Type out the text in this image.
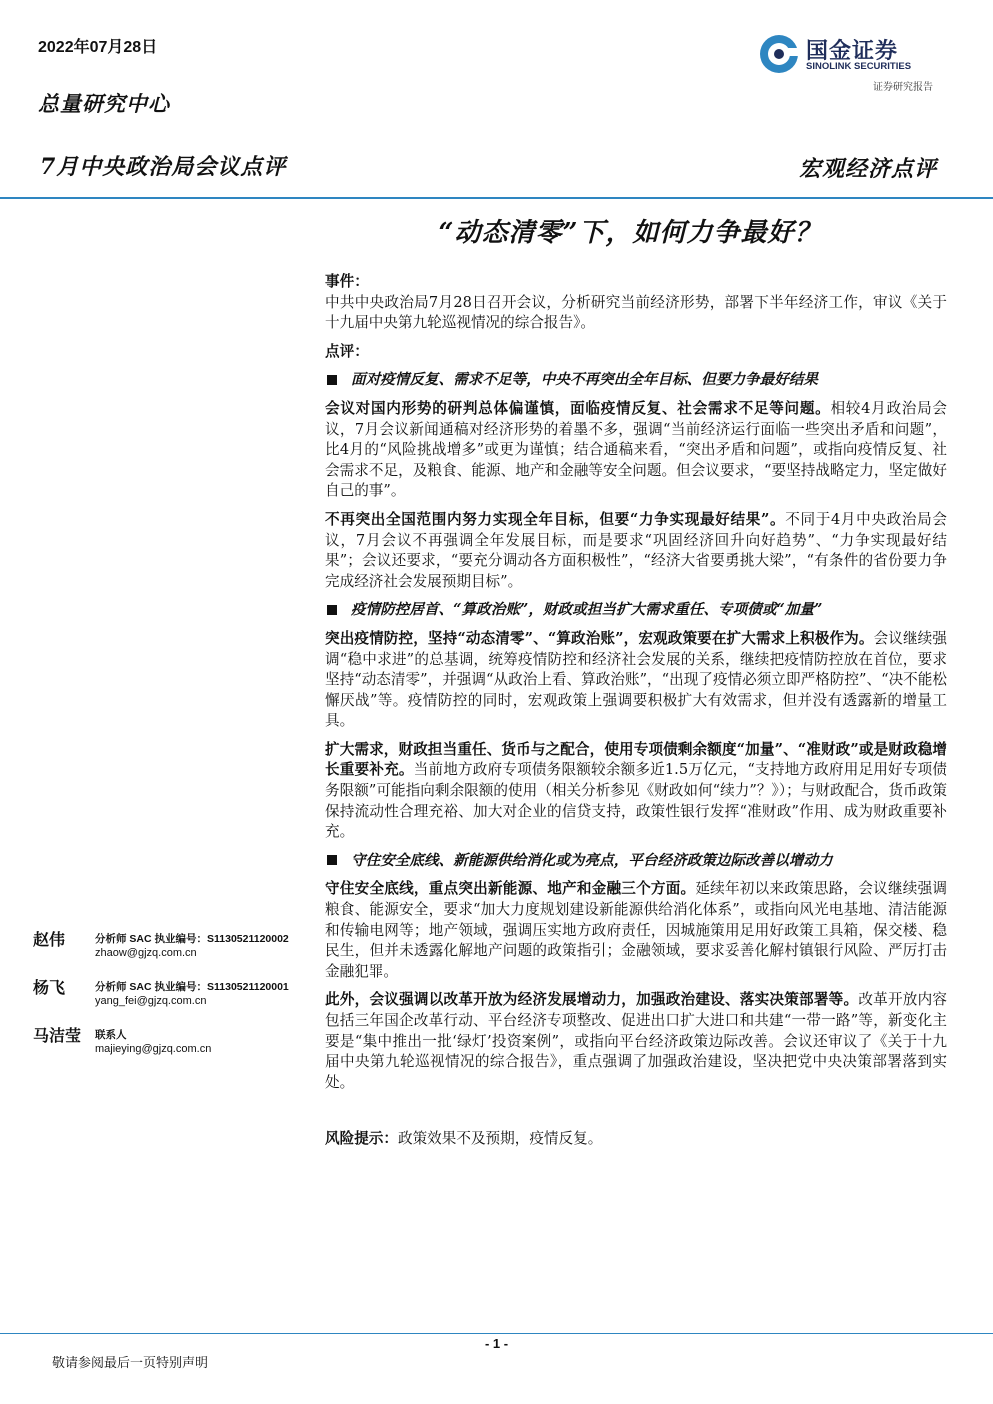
2022年07月28日
总量研究中心
7月中央政治局会议点评	宏观经济点评
国金证券
SINOLINK SECURITIES
证券研究报告
“动态清零”下，如何力争最好？

事件：

中共中央政治局7月28日召开会议，分析研究当前经济形势，部署下半年经济工作，审议《关于十九届中央第九轮巡视情况的综合报告》。

点评：

面对疫情反复、需求不足等，中央不再突出全年目标、但要力争最好结果

会议对国内形势的研判总体偏谨慎，面临疫情反复、社会需求不足等问题。相较4月政治局会议，7月会议新闻通稿对经济形势的着墨不多，强调“当前经济运行面临一些突出矛盾和问题”，比4月的“风险挑战增多”或更为谨慎；结合通稿来看，“突出矛盾和问题”，或指向疫情反复、社会需求不足，及粮食、能源、地产和金融等安全问题。但会议要求，“要坚持战略定力，坚定做好自己的事”。

不再突出全国范围内努力实现全年目标，但要“力争实现最好结果”。不同于4月中央政治局会议，7月会议不再强调全年发展目标，而是要求“巩固经济回升向好趋势”、“力争实现最好结果”；会议还要求，“要充分调动各方面积极性”，“经济大省要勇挑大梁”，“有条件的省份要力争完成经济社会发展预期目标”。

疫情防控居首、“算政治账”，财政或担当扩大需求重任、专项债或“加量”

突出疫情防控，坚持“动态清零”、“算政治账”，宏观政策要在扩大需求上积极作为。会议继续强调“稳中求进”的总基调，统筹疫情防控和经济社会发展的关系，继续把疫情防控放在首位，要求坚持“动态清零”，并强调“从政治上看、算政治账”，“出现了疫情必须立即严格防控”、“决不能松懈厌战”等。疫情防控的同时，宏观政策上强调要积极扩大有效需求，但并没有透露新的增量工具。

扩大需求，财政担当重任、货币与之配合，使用专项债剩余额度“加量”、“准财政”或是财政稳增长重要补充。当前地方政府专项债务限额较余额多近1.5万亿元，“支持地方政府用足用好专项债务限额”可能指向剩余限额的使用（相关分析参见《财政如何“续力”？》）；与财政配合，货币政策保持流动性合理充裕、加大对企业的信贷支持，政策性银行发挥“准财政”作用、成为财政重要补充。

守住安全底线、新能源供给消化或为亮点，平台经济政策边际改善以增动力

守住安全底线，重点突出新能源、地产和金融三个方面。延续年初以来政策思路，会议继续强调粮食、能源安全，要求“加大力度规划建设新能源供给消化体系”，或指向风光电基地、清洁能源和传输电网等；地产领域，强调压实地方政府责任，因城施策用足用好政策工具箱，保交楼、稳民生，但并未透露化解地产问题的政策指引；金融领域，要求妥善化解村镇银行风险、严厉打击金融犯罪。

此外，会议强调以改革开放为经济发展增动力，加强政治建设、落实决策部署等。改革开放内容包括三年国企改革行动、平台经济专项整改、促进出口扩大进口和共建“一带一路”等，新变化主要是“集中推出一批‘绿灯’投资案例”，或指向平台经济政策边际改善。会议还审议了《关于十九届中央第九轮巡视情况的综合报告》，重点强调了加强政治建设，坚决把党中央决策部署落到实处。

风险提示：政策效果不及预期，疫情反复。

赵伟	分析师 SAC 执业编号：S1130521120002
zhaow@gjzq.com.cn
杨飞	分析师 SAC 执业编号：S1130521120001
yang_fei@gjzq.com.cn
马洁莹 联系人
majieying@gjzq.com.cn
- 1 -
敬请参阅最后一页特别声明
